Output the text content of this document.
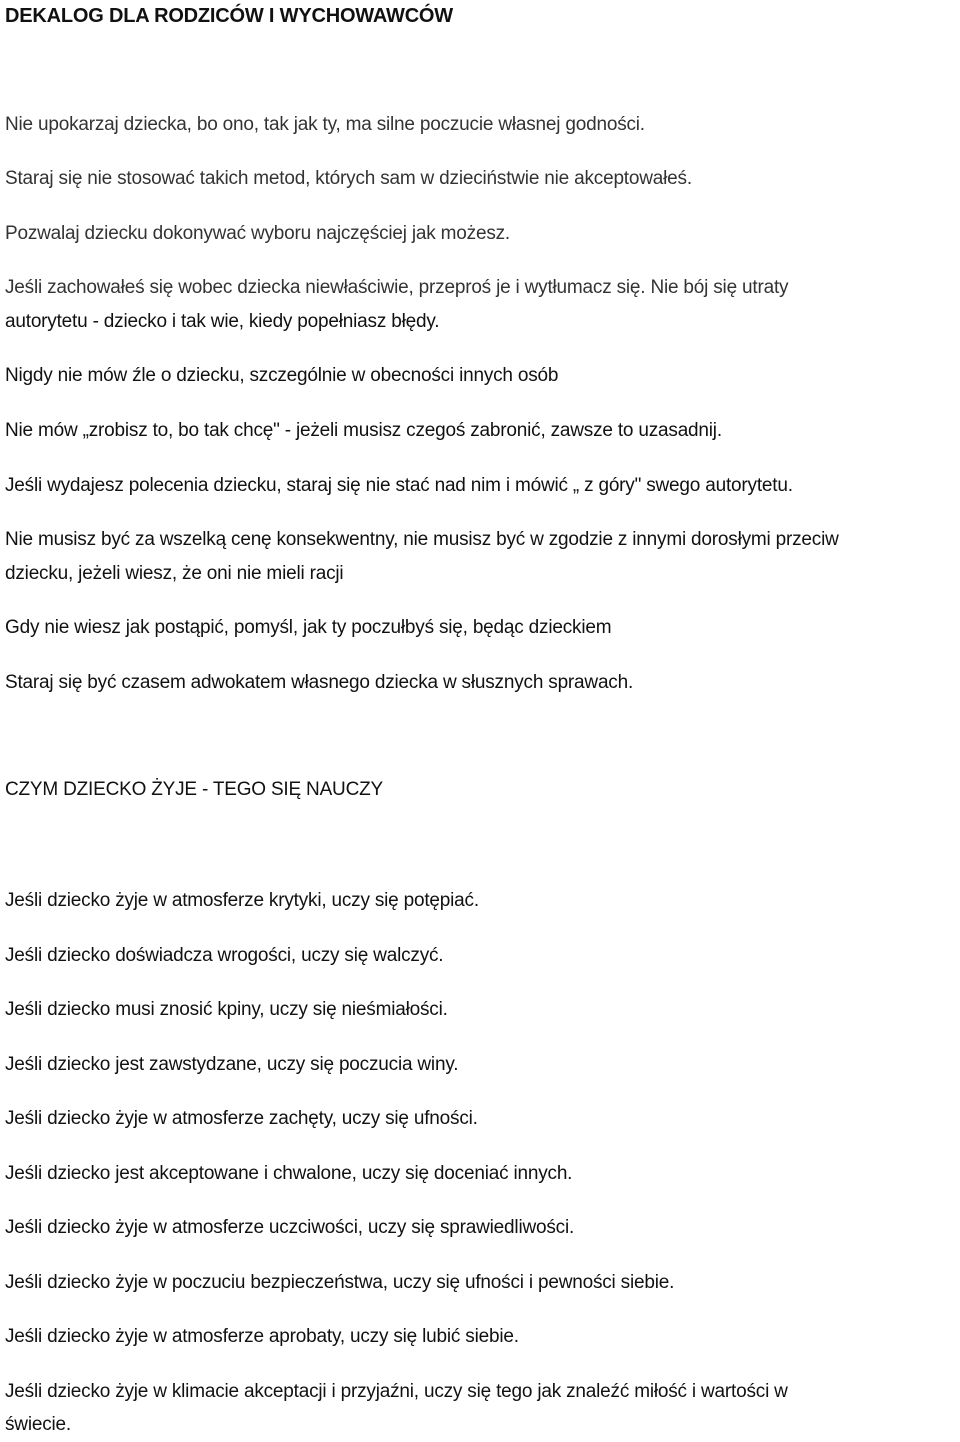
DEKALOG DLA RODZICÓW I WYCHOWAWCÓW
Nie upokarzaj dziecka, bo ono, tak jak ty, ma silne poczucie własnej godności.
Staraj się nie stosować takich metod, których sam w dzieciństwie nie akceptowałeś.
Pozwalaj dziecku dokonywać wyboru najczęściej jak możesz.
Jeśli zachowałeś się wobec dziecka niewłaściwie, przeproś je i wytłumacz się. Nie bój się utraty
autorytetu - dziecko i tak wie, kiedy popełniasz błędy.
Nigdy nie mów źle o dziecku, szczególnie w obecności innych osób
Nie mów „zrobisz to, bo tak chcę" - jeżeli musisz czegoś zabronić, zawsze to uzasadnij.
Jeśli wydajesz polecenia dziecku, staraj się nie stać nad nim i mówić „ z góry" swego autorytetu.
Nie musisz być za wszelką cenę konsekwentny, nie musisz być w zgodzie z innymi dorosłymi przeciw
dziecku, jeżeli wiesz, że oni nie mieli racji
Gdy nie wiesz jak postąpić, pomyśl, jak ty poczułbyś się, będąc dzieckiem
Staraj się być czasem adwokatem własnego dziecka w słusznych sprawach.
CZYM DZIECKO ŻYJE - TEGO SIĘ NAUCZY
Jeśli dziecko żyje w atmosferze krytyki, uczy się potępiać.
Jeśli dziecko doświadcza wrogości, uczy się walczyć.
Jeśli dziecko musi znosić kpiny, uczy się nieśmiałości.
Jeśli dziecko jest zawstydzane, uczy się poczucia winy.
Jeśli dziecko żyje w atmosferze zachęty, uczy się ufności.
Jeśli dziecko jest akceptowane i chwalone, uczy się doceniać innych.
Jeśli dziecko żyje w atmosferze uczciwości, uczy się sprawiedliwości.
Jeśli dziecko żyje w poczuciu bezpieczeństwa, uczy się ufności i pewności siebie.
Jeśli dziecko żyje w atmosferze aprobaty, uczy się lubić siebie.
Jeśli dziecko żyje w klimacie akceptacji i przyjaźni, uczy się tego jak znaleźć miłość i wartości w
świecie.
